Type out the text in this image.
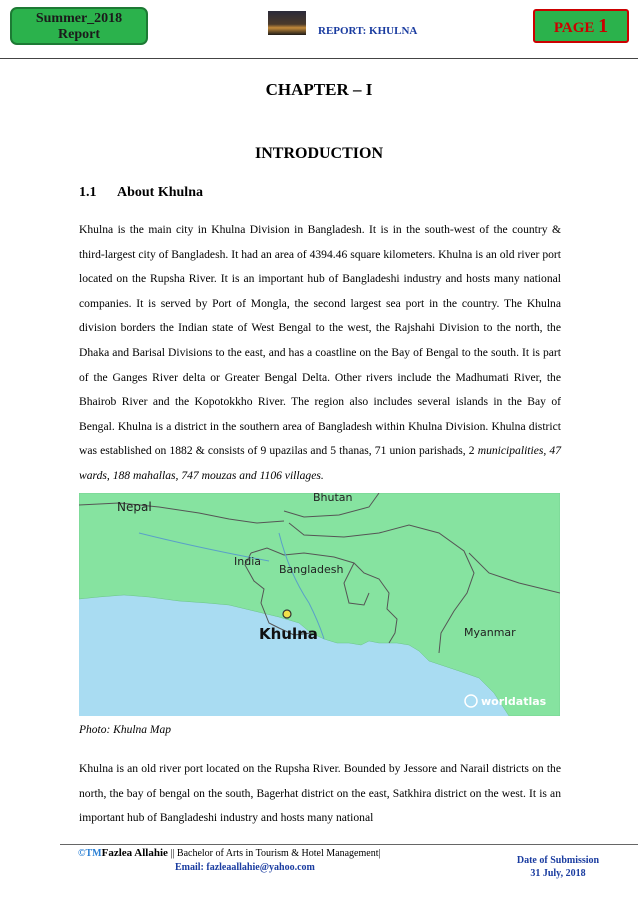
Summer_2018
Report	REPORT: KHULNA	PAGE 1
CHAPTER – I
INTRODUCTION
1.1 About Khulna
Khulna is the main city in Khulna Division in Bangladesh. It is in the south-west of the country & third-largest city of Bangladesh. It had an area of 4394.46 square kilometers. Khulna is an old river port located on the Rupsha River. It is an important hub of Bangladeshi industry and hosts many national companies. It is served by Port of Mongla, the second largest sea port in the country. The Khulna division borders the Indian state of West Bengal to the west, the Rajshahi Division to the north, the Dhaka and Barisal Divisions to the east, and has a coastline on the Bay of Bengal to the south. It is part of the Ganges River delta or Greater Bengal Delta. Other rivers include the Madhumati River, the Bhairob River and the Kopotokkho River. The region also includes several islands in the Bay of Bengal. Khulna is a district in the southern area of Bangladesh within Khulna Division. Khulna district was established on 1882 & consists of 9 upazilas and 5 thanas, 71 union parishads, 2 municipalities, 47 wards, 188 mahallas, 747 mouzas and 1106 villages.
Nepal
Bhutan
India
Bangladesh
Khulna	Myanmar
worldatlas
Photo: Khulna Map
Khulna is an old river port located on the Rupsha River. Bounded by Jessore and Narail districts on the north, the bay of bengal on the south, Bagerhat district on the east, Satkhira district on the west. It is an important hub of Bangladeshi industry and hosts many national
©TMFazlea Allahie || Bachelor of Arts in Tourism & Hotel Management|
Email: fazleaallahie@yahoo.com
Date of Submission
31 July, 2018
